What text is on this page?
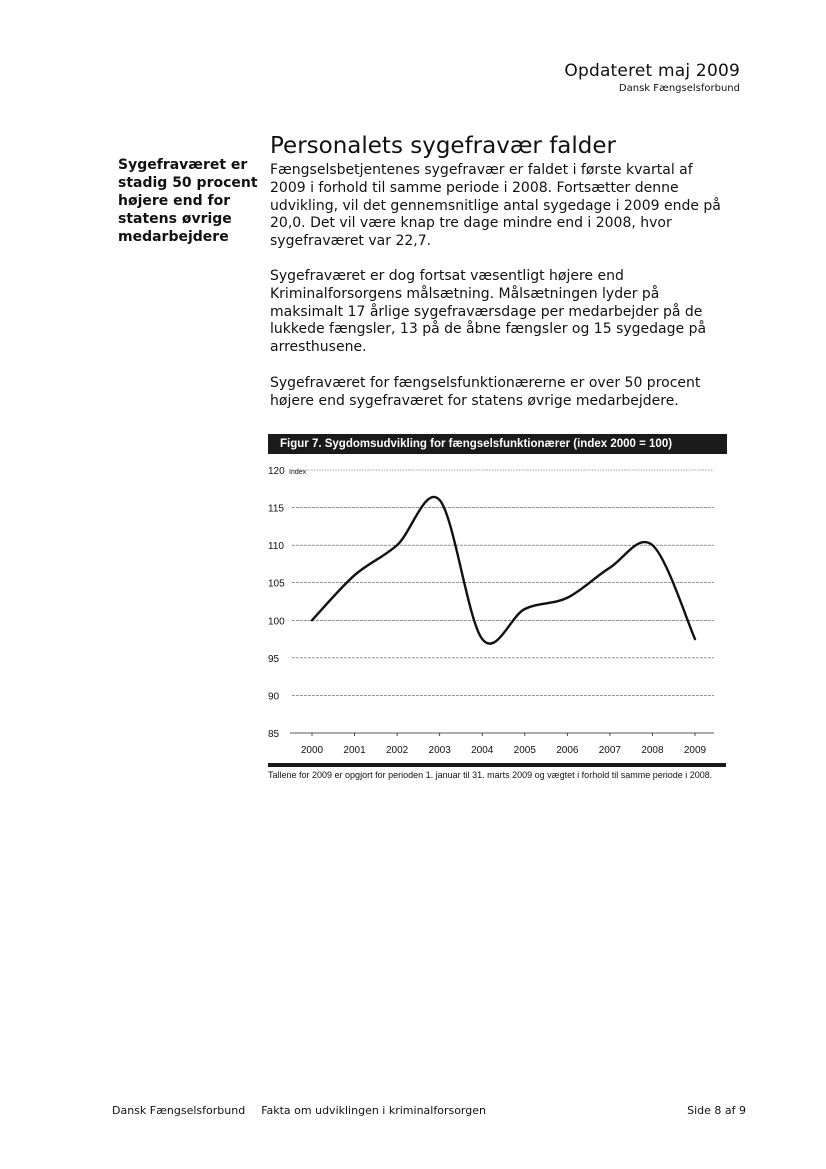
Opdateret maj 2009
Dansk Fængselsforbund
Sygefraværet er
stadig 50 procent
højere end for
statens øvrige
medarbejdere
Personalets sygefravær falder
Fængselsbetjentenes sygefravær er faldet i første kvartal af
2009 i forhold til samme periode i 2008. Fortsætter denne
udvikling, vil det gennemsnitlige antal sygedage i 2009 ende på
20,0. Det vil være knap tre dage mindre end i 2008, hvor
sygefraværet var 22,7.
Sygefraværet er dog fortsat væsentligt højere end
Kriminalforsorgens målsætning. Målsætningen lyder på
maksimalt 17 årlige sygefraværsdage per medarbejder på de
lukkede fængsler, 13 på de åbne fængsler og 15 sygedage på
arresthusene.
Sygefraværet for fængselsfunktionærerne er over 50 procent
højere end sygefraværet for statens øvrige medarbejdere.
Figur 7. Sygdomsudvikling for fængselsfunktionærer (index 2000 = 100)
85
90
95
100
105
110
115
120 Index
2000 2001 2002 2003 2004 2005 2006 2007 2008 2009
Tallene for 2009 er opgjort for perioden 1. januar til 31. marts 2009 og vægtet i forhold til samme periode i 2008.
Dansk Fængselsforbund Fakta om udviklingen i kriminalforsorgen	Side 8 af 9
